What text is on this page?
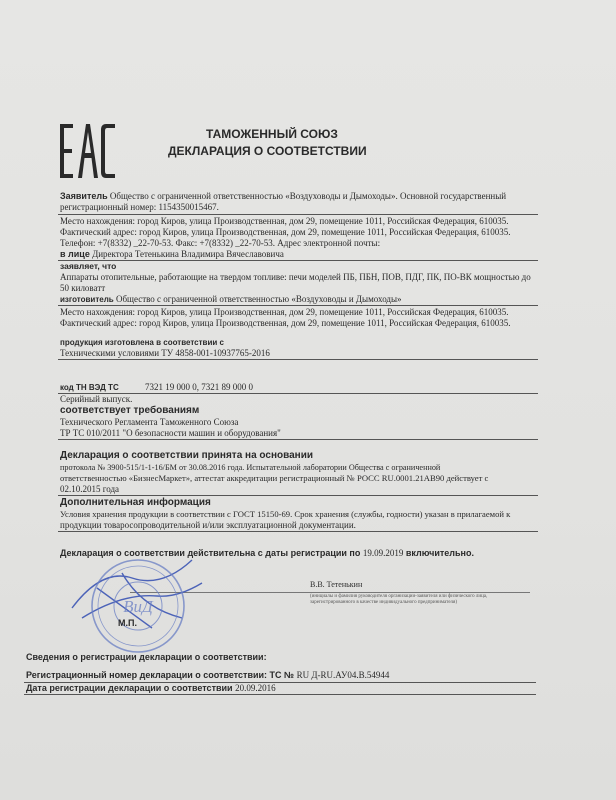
ТАМОЖЕННЫЙ СОЮЗ
ДЕКЛАРАЦИЯ О СООТВЕТСТВИИ
Заявитель Общество с ограниченной ответственностью «Воздуховоды и Дымоходы». Основной государственный
регистрационный номер: 1154350015467.
Место нахождения: город Киров, улица Производственная, дом 29, помещение 1011, Российская Федерация, 610035.
Фактический адрес: город Киров, улица Производственная, дом 29, помещение 1011, Российская Федерация, 610035.
Телефон: +7(8332) _22-70-53. Факс: +7(8332) _22-70-53. Адрес электронной почты:
в лице Директора Тетенькина Владимира Вячеславовича
заявляет, что
Аппараты отопительные, работающие на твердом топливе: печи моделей ПБ, ПБН, ПОВ, ПДГ, ПК, ПО-ВК мощностью до
50 киловатт
изготовитель Общество с ограниченной ответственностью «Воздуховоды и Дымоходы»
Место нахождения: город Киров, улица Производственная, дом 29, помещение 1011, Российская Федерация, 610035.
Фактический адрес: город Киров, улица Производственная, дом 29, помещение 1011, Российская Федерация, 610035.
продукция изготовлена в соответствии с
Техническими условиями ТУ 4858-001-10937765-2016
код ТН ВЭД ТС	7321 19 000 0, 7321 89 000 0
Серийный выпуск.
соответствует требованиям
Технического Регламента Таможенного Союза
ТР ТС 010/2011 "О безопасности машин и оборудования"
Декларация о соответствии принята на основании
протокола № 3900-515/1-1-16/БМ от 30.08.2016 года. Испытательной лаборатории Общества с ограниченной
ответственностью «БизнесМаркет», аттестат аккредитации регистрационный № РОСС RU.0001.21АВ90 действует с
02.10.2015 года
Дополнительная информация
Условия хранения продукции в соответствии с ГОСТ 15150-69. Срок хранения (службы, годности) указан в прилагаемой к
продукции товаросопроводительной и/или эксплуатационной документации.
Декларация о соответствии действительна с даты регистрации по 19.09.2019 включительно.
В.В. Тетенькин
(инициалы и фамилия руководителя организации-заявителя или физического лица, зарегистрированного в качестве индивидуального предпринимателя)
ВиД
М.П.
Сведения о регистрации декларации о соответствии:
Регистрационный номер декларации о соответствии: ТС № RU Д-RU.АУ04.В.54944
Дата регистрации декларации о соответствии 20.09.2016
